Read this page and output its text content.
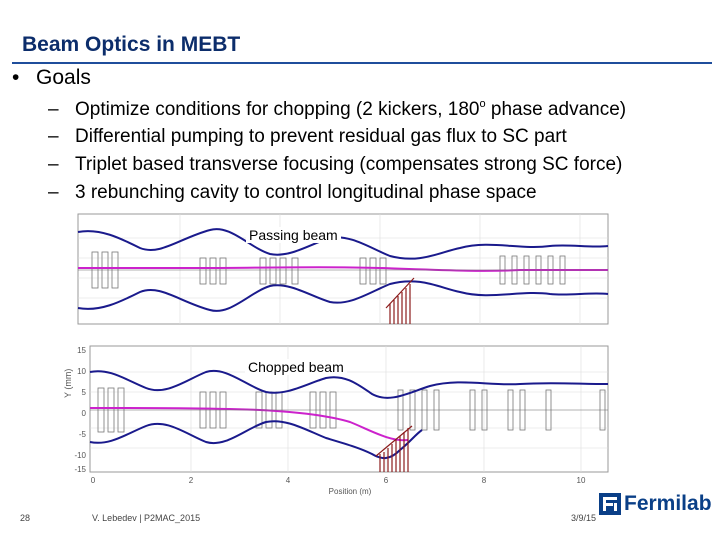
Beam Optics in MEBT
• Goals
– Optimize conditions for chopping (2 kickers, 180$^o$ phase advance)
– Differential pumping to prevent residual gas flux to SC part
– Triplet based transverse focusing (compensates strong SC force)
– 3 rebunching cavity to control longitudinal phase space
Passing beam
Y (mm)
15
10
5
0
-5
-10
-15
0	2	4	6	8	10
Position (m)
Chopped beam
28	V. Lebedev | P2MAC_2015	3/9/15
Fermilab
